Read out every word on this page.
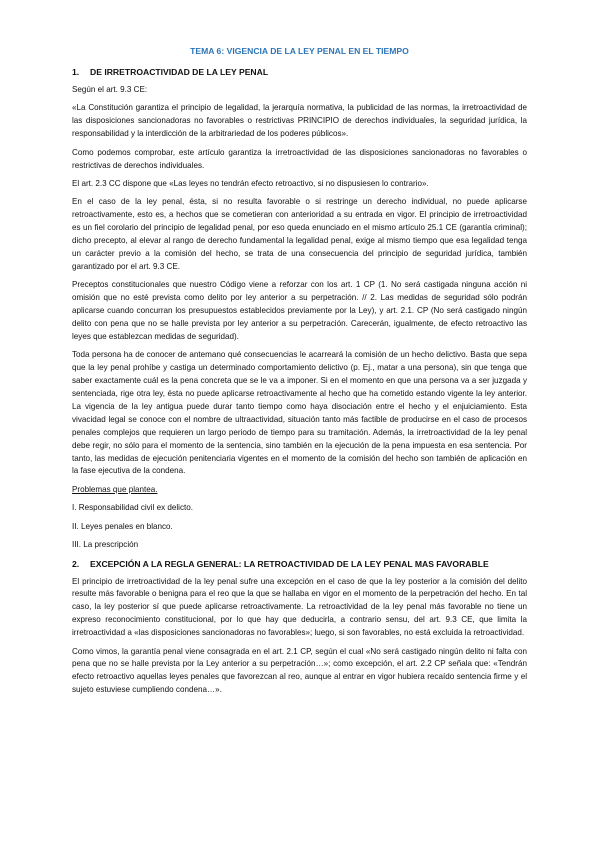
TEMA 6: VIGENCIA DE LA LEY PENAL EN EL TIEMPO
1. DE IRRETROACTIVIDAD DE LA LEY PENAL

Según el art. 9.3 CE:

«La Constitución garantiza el principio de legalidad, la jerarquía normativa, la publicidad de las normas, la irretroactividad de las disposiciones sancionadoras no favorables o restrictivas PRINCIPIO de derechos individuales, la seguridad jurídica, la responsabilidad y la interdicción de la arbitrariedad de los poderes públicos».

Como podemos comprobar, este artículo garantiza la irretroactividad de las disposiciones sancionadoras no favorables o restrictivas de derechos individuales.

El art. 2.3 CC dispone que «Las leyes no tendrán efecto retroactivo, si no dispusiesen lo contrario».

En el caso de la ley penal, ésta, si no resulta favorable o si restringe un derecho individual, no puede aplicarse retroactivamente, esto es, a hechos que se cometieran con anterioridad a su entrada en vigor. El principio de irretroactividad es un fiel corolario del principio de legalidad penal, por eso queda enunciado en el mismo artículo 25.1 CE (garantía criminal); dicho precepto, al elevar al rango de derecho fundamental la legalidad penal, exige al mismo tiempo que esa legalidad tenga un carácter previo a la comisión del hecho, se trata de una consecuencia del principio de seguridad jurídica, también garantizado por el art. 9.3 CE.

Preceptos constitucionales que nuestro Código viene a reforzar con los art. 1 CP (1. No será castigada ninguna acción ni omisión que no esté prevista como delito por ley anterior a su perpetración. // 2. Las medidas de seguridad sólo podrán aplicarse cuando concurran los presupuestos establecidos previamente por la Ley), y art. 2.1. CP (No será castigado ningún delito con pena que no se halle prevista por ley anterior a su perpetración. Carecerán, igualmente, de efecto retroactivo las leyes que establezcan medidas de seguridad).

Toda persona ha de conocer de antemano qué consecuencias le acarreará la comisión de un hecho delictivo. Basta que sepa que la ley penal prohíbe y castiga un determinado comportamiento delictivo (p. Ej., matar a una persona), sin que tenga que saber exactamente cuál es la pena concreta que se le va a imponer. Si en el momento en que una persona va a ser juzgada y sentenciada, rige otra ley, ésta no puede aplicarse retroactivamente al hecho que ha cometido estando vigente la ley anterior. La vigencia de la ley antigua puede durar tanto tiempo como haya disociación entre el hecho y el enjuiciamiento. Esta vivacidad legal se conoce con el nombre de ultraactividad, situación tanto más factible de producirse en el caso de procesos penales complejos que requieren un largo periodo de tiempo para su tramitación. Además, la irretroactividad de la ley penal debe regir, no sólo para el momento de la sentencia, sino también en la ejecución de la pena impuesta en esa sentencia. Por tanto, las medidas de ejecución penitenciaria vigentes en el momento de la comisión del hecho son también de aplicación en la fase ejecutiva de la condena.

Problemas que plantea.
I. Responsabilidad civil ex delicto.
II. Leyes penales en blanco.
III. La prescripción
2. EXCEPCIÓN A LA REGLA GENERAL: LA RETROACTIVIDAD DE LA LEY PENAL MAS FAVORABLE

El principio de irretroactividad de la ley penal sufre una excepción en el caso de que la ley posterior a la comisión del delito resulte más favorable o benigna para el reo que la que se hallaba en vigor en el momento de la perpetración del hecho. En tal caso, la ley posterior sí que puede aplicarse retroactivamente. La retroactividad de la ley penal más favorable no tiene un expreso reconocimiento constitucional, por lo que hay que deducirla, a contrario sensu, del art. 9.3 CE, que limita la irretroactividad a «las disposiciones sancionadoras no favorables»; luego, si son favorables, no está excluida la retroactividad.

Como vimos, la garantía penal viene consagrada en el art. 2.1 CP, según el cual «No será castigado ningún delito ni falta con pena que no se halle prevista por la Ley anterior a su perpetración…»; como excepción, el art. 2.2 CP señala que: «Tendrán efecto retroactivo aquellas leyes penales que favorezcan al reo, aunque al entrar en vigor hubiera recaído sentencia firme y el sujeto estuviese cumpliendo condena…».
